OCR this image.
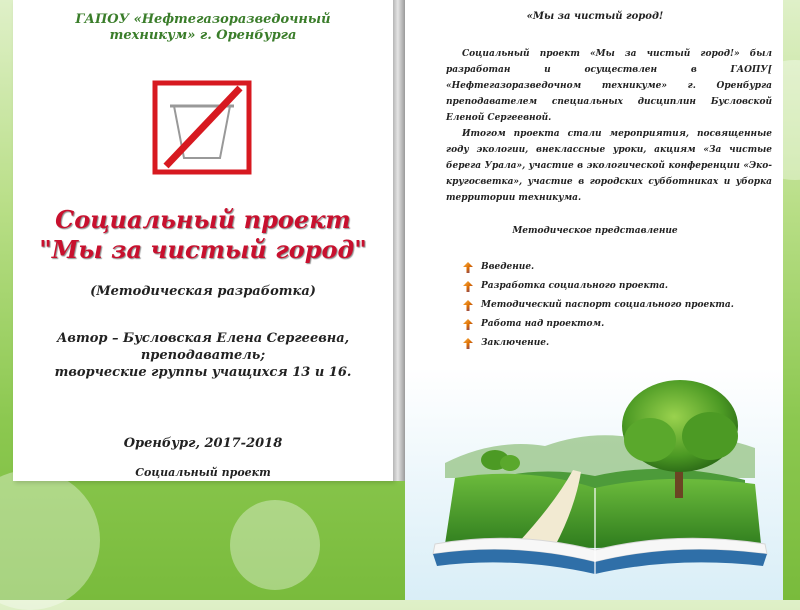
ГАПОУ «Нефтегазоразведочный
техникум» г. Оренбурга
Социальный проект
"Мы за чистый город"
(Методическая разработка)
Автор – Бусловская Елена Сергеевна,
преподаватель;
творческие группы учащихся 13 и 16.
Оренбург, 2017-2018
Социальный проект
«Мы за чистый город!
Социальный проект «Мы за чистый город!» был разработан и осуществлен в ГАОПУ[ «Нефтегазоразведочном техникуме» г. Оренбурга преподавателем специальных дисциплин Бусловской Еленой Сергеевной.
Итогом проекта стали мероприятия, посвященные году экологии, внеклассные уроки, акциям «За чистые берега Урала», участие в экологической конференции «Эко-кругосветка», участие в городских субботниках и уборка территории техникума.
Методическое представление
Введение.
Разработка социального проекта.
Методический паспорт социального проекта.
Работа над проектом.
Заключение.
